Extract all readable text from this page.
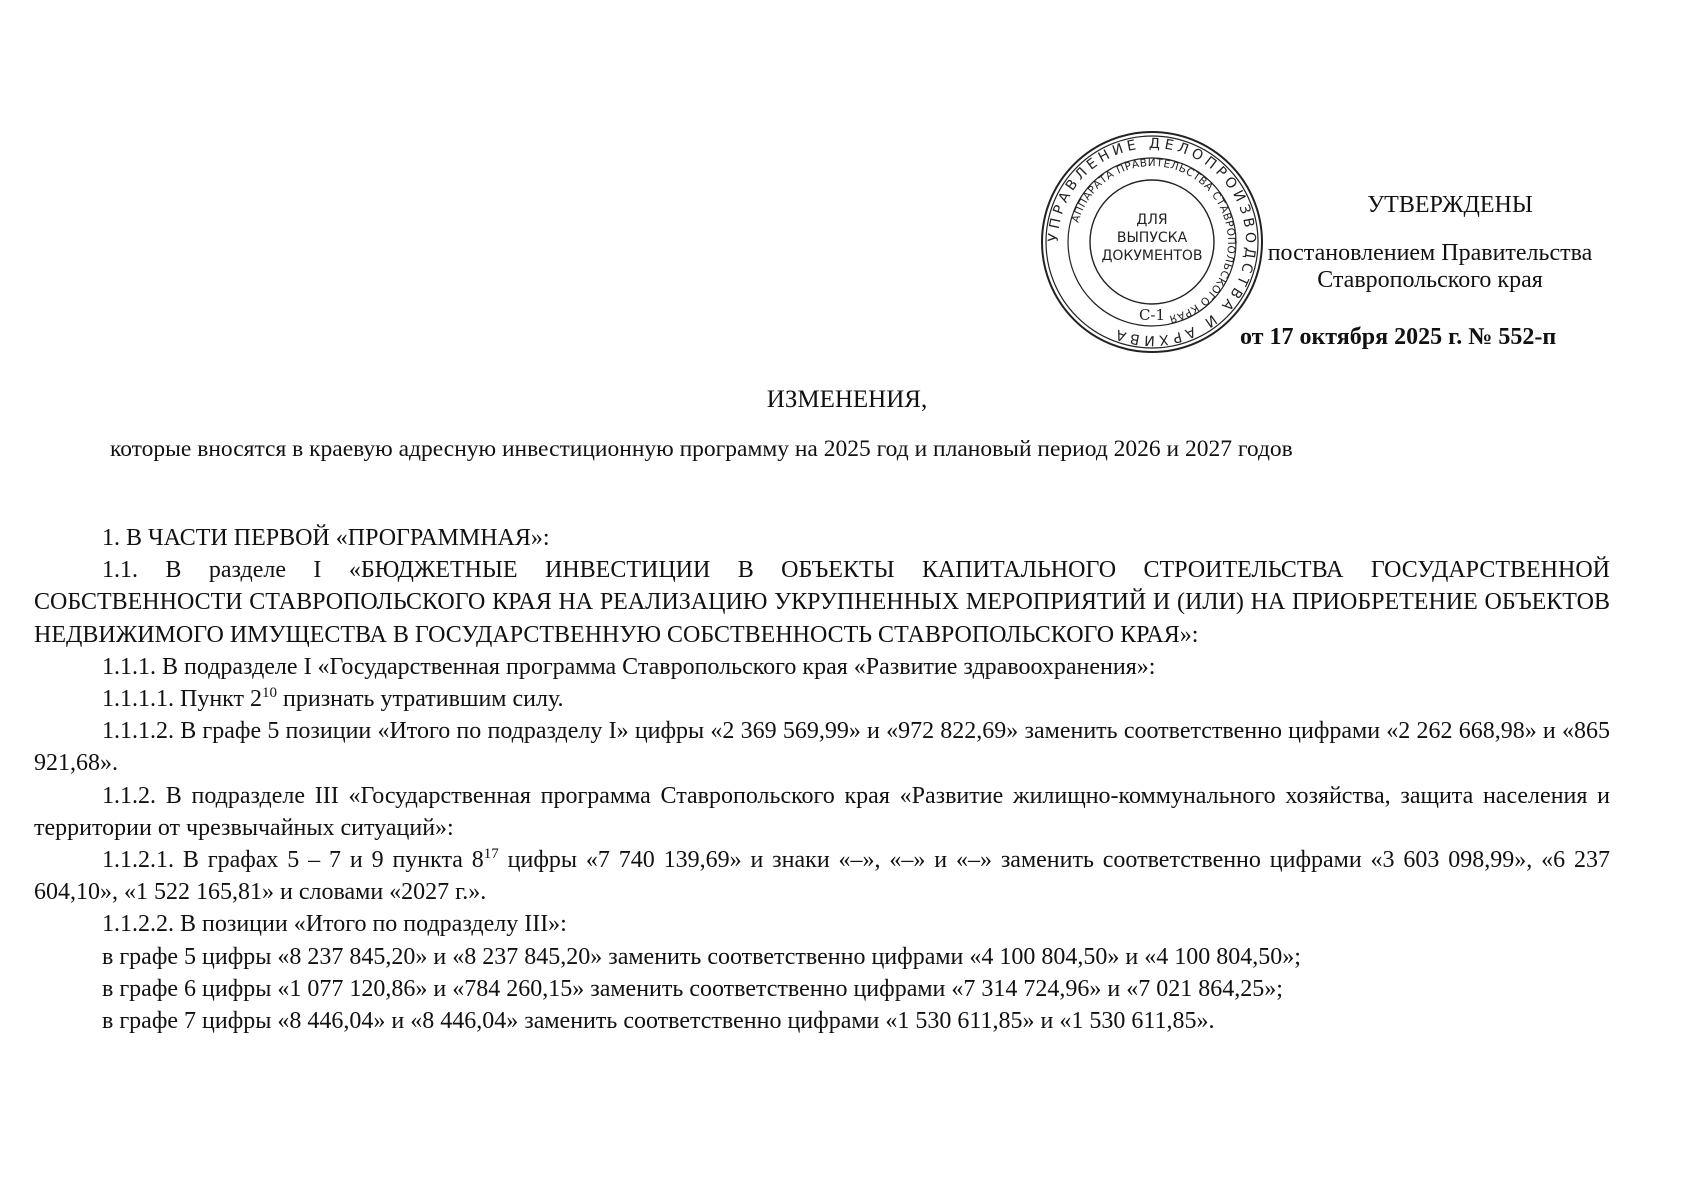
УПРАВЛЕНИЕ ДЕЛОПРОИЗВОДСТВА И АРХИВА
АППАРАТА ПРАВИТЕЛЬСТВА СТАВРОПОЛЬСКОГО КРАЯ
ДЛЯ
ВЫПУСКА
ДОКУМЕНТОВ
С-1
УТВЕРЖДЕНЫ
постановлением Правительства
Ставропольского края
от 17 октября 2025 г. № 552-п
ИЗМЕНЕНИЯ,
которые вносятся в краевую адресную инвестиционную программу на 2025 год и плановый период 2026 и 2027 годов

1. В ЧАСТИ ПЕРВОЙ «ПРОГРАММНАЯ»:

1.1. В разделе I «БЮДЖЕТНЫЕ ИНВЕСТИЦИИ В ОБЪЕКТЫ КАПИТАЛЬНОГО СТРОИТЕЛЬСТВА ГОСУДАРСТВЕННОЙ СОБСТВЕННОСТИ СТАВРОПОЛЬСКОГО КРАЯ НА РЕАЛИЗАЦИЮ УКРУПНЕННЫХ МЕРОПРИЯТИЙ И (ИЛИ) НА ПРИОБРЕТЕНИЕ ОБЪЕКТОВ НЕДВИЖИМОГО ИМУЩЕСТВА В ГОСУДАРСТВЕННУЮ СОБСТВЕННОСТЬ СТАВРОПОЛЬСКОГО КРАЯ»:

1.1.1. В подразделе I «Государственная программа Ставропольского края «Развитие здравоохранения»:

1.1.1.1. Пункт $2^{10}$ признать утратившим силу.

1.1.1.2. В графе 5 позиции «Итого по подразделу I» цифры «2 369 569,99» и «972 822,69» заменить соответственно цифрами «2 262 668,98» и «865 921,68».

1.1.2. В подразделе III «Государственная программа Ставропольского края «Развитие жилищно-коммунального хозяйства, защита населения и территории от чрезвычайных ситуаций»:

1.1.2.1. В графах 5 – 7 и 9 пункта $8^{17}$ цифры «7 740 139,69» и знаки «–», «–» и «–» заменить соответственно цифрами «3 603 098,99», «6 237 604,10», «1 522 165,81» и словами «2027 г.».

1.1.2.2. В позиции «Итого по подразделу III»:

в графе 5 цифры «8 237 845,20» и «8 237 845,20» заменить соответственно цифрами «4 100 804,50» и «4 100 804,50»;

в графе 6 цифры «1 077 120,86» и «784 260,15» заменить соответственно цифрами «7 314 724,96» и «7 021 864,25»;

в графе 7 цифры «8 446,04» и «8 446,04» заменить соответственно цифрами «1 530 611,85» и «1 530 611,85».
